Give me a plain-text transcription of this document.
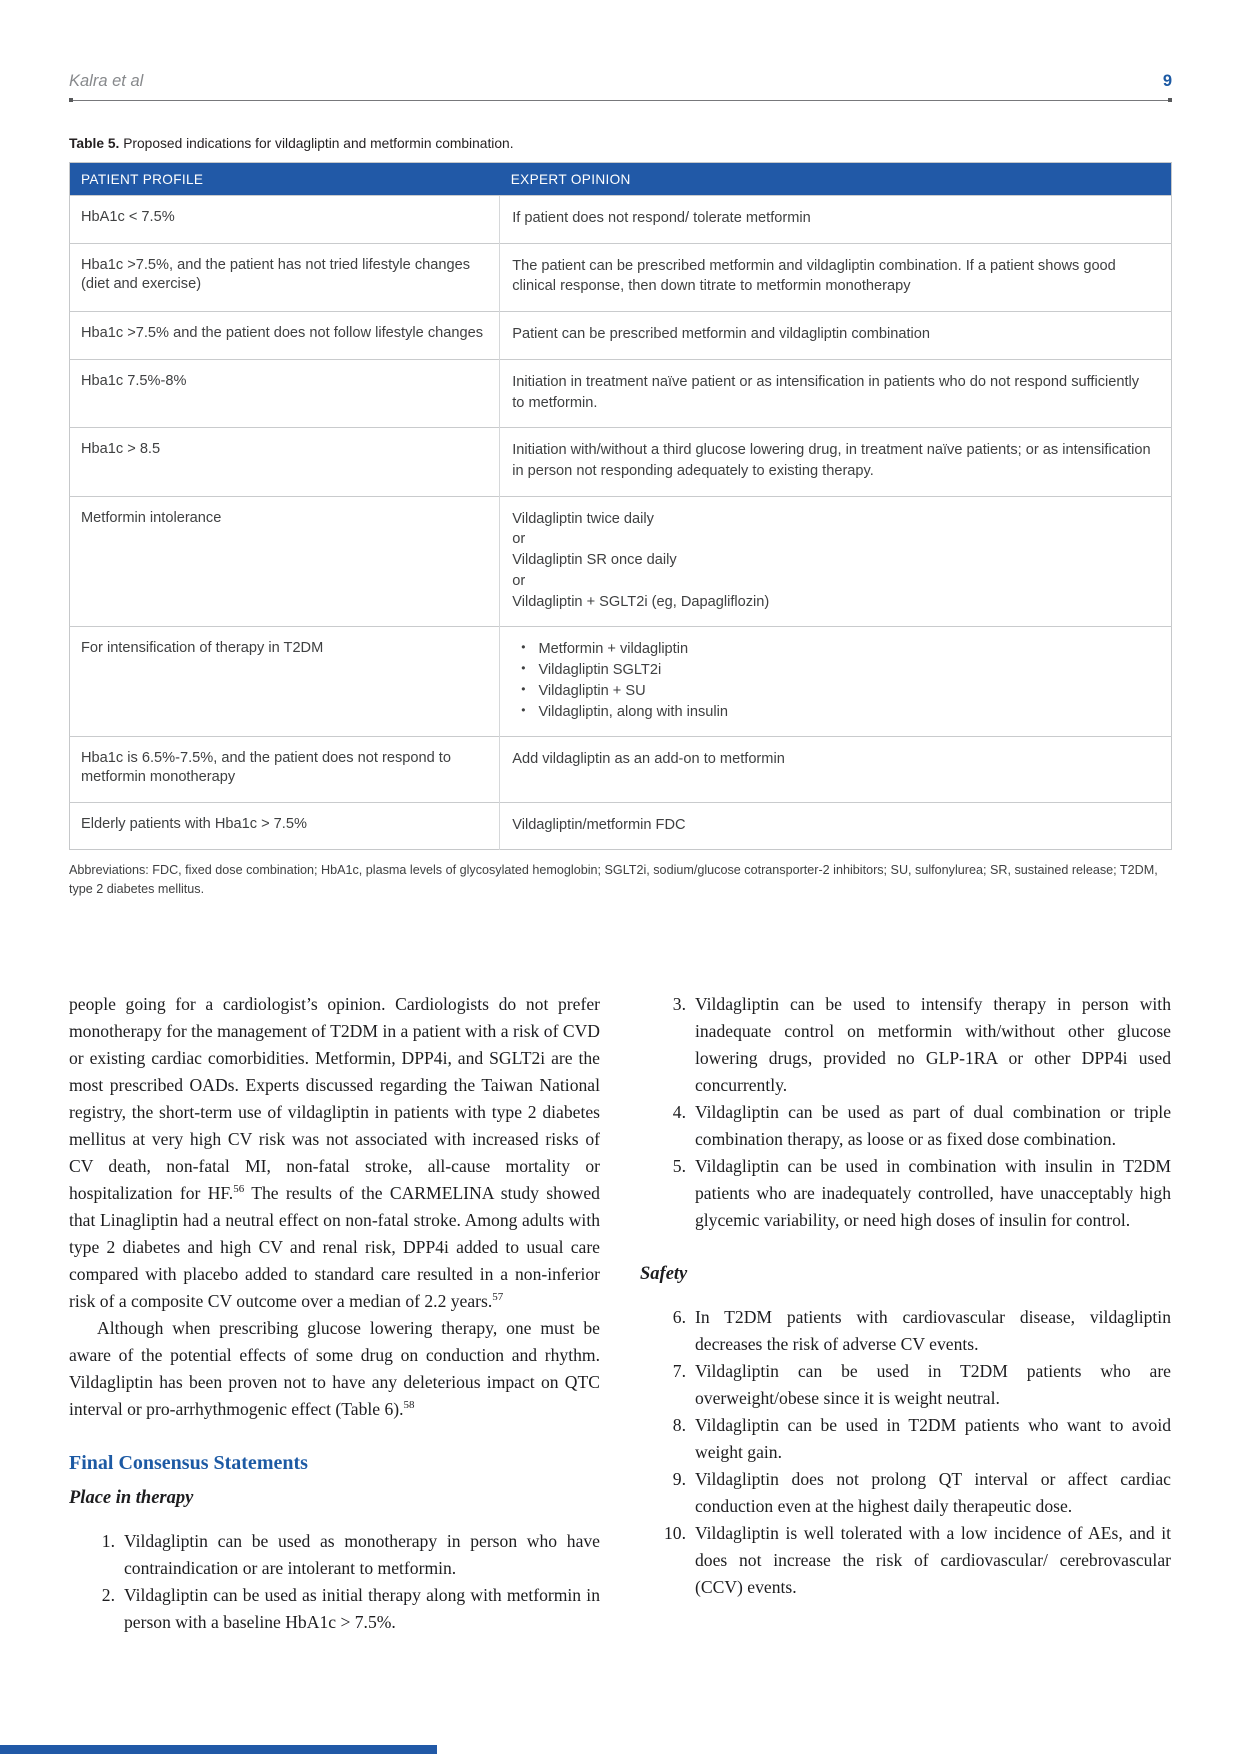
Kalra et al	9

Table 5. Proposed indications for vildagliptin and metformin combination.

PATIENT PROFILE	EXPERT OPINION
HbA1c < 7.5%	If patient does not respond/ tolerate metformin

Hba1c >7.5%, and the patient has not tried lifestyle changes (diet and exercise)	The patient can be prescribed metformin and vildagliptin combination. If a patient shows good clinical response, then down titrate to metformin monotherapy

Hba1c >7.5% and the patient does not follow lifestyle changes	Patient can be prescribed metformin and vildagliptin combination

Hba1c 7.5%-8%	Initiation in treatment naïve patient or as intensification in patients who do not respond sufficiently to metformin.

Hba1c > 8.5	Initiation with/without a third glucose lowering drug, in treatment naïve patients; or as intensification in person not responding adequately to existing therapy.

Metformin intolerance	Vildagliptin twice daily
or
Vildagliptin SR once daily
or
Vildagliptin + SGLT2i (eg, Dapagliflozin)

For intensification of therapy in T2DM	• Metformin + vildagliptin
• Vildagliptin SGLT2i
• Vildagliptin + SU
• Vildagliptin, along with insulin

Hba1c is 6.5%-7.5%, and the patient does not respond to metformin monotherapy	Add vildagliptin as an add-on to metformin

Elderly patients with Hba1c > 7.5%	Vildagliptin/metformin FDC

Abbreviations: FDC, fixed dose combination; HbA1c, plasma levels of glycosylated hemoglobin; SGLT2i, sodium/glucose cotransporter-2 inhibitors; SU, sulfonylurea; SR, sustained release; T2DM, type 2 diabetes mellitus.

people going for a cardiologist’s opinion. Cardiologists do not prefer monotherapy for the management of T2DM in a patient with a risk of CVD or existing cardiac comorbidities. Metformin, DPP4i, and SGLT2i are the most prescribed OADs. Experts discussed regarding the Taiwan National registry, the short-term use of vildagliptin in patients with type 2 diabetes mellitus at very high CV risk was not associated with increased risks of CV death, non-fatal MI, non-fatal stroke, all-cause mortality or hospitalization for HF.$^{56}$ The results of the CARMELINA study showed that Linagliptin had a neutral effect on non-fatal stroke. Among adults with type 2 diabetes and high CV and renal risk, DPP4i added to usual care compared with placebo added to standard care resulted in a non-inferior risk of a composite CV outcome over a median of 2.2 years.$^{57}$

Although when prescribing glucose lowering therapy, one must be aware of the potential effects of some drug on conduction and rhythm. Vildagliptin has been proven not to have any deleterious impact on QTC interval or pro-arrhythmogenic effect (Table 6).$^{58}$

Final Consensus Statements
Place in therapy
1. Vildagliptin can be used as monotherapy in person who have contraindication or are intolerant to metformin.
2. Vildagliptin can be used as initial therapy along with metformin in person with a baseline HbA1c > 7.5%.
3. Vildagliptin can be used to intensify therapy in person with inadequate control on metformin with/without other glucose lowering drugs, provided no GLP-1RA or other DPP4i used concurrently.
4. Vildagliptin can be used as part of dual combination or triple combination therapy, as loose or as fixed dose combination.
5. Vildagliptin can be used in combination with insulin in T2DM patients who are inadequately controlled, have unacceptably high glycemic variability, or need high doses of insulin for control.
Safety
6. In T2DM patients with cardiovascular disease, vildagliptin decreases the risk of adverse CV events.
7. Vildagliptin can be used in T2DM patients who are overweight/obese since it is weight neutral.
8. Vildagliptin can be used in T2DM patients who want to avoid weight gain.
9. Vildagliptin does not prolong QT interval or affect cardiac conduction even at the highest daily therapeutic dose.
10. Vildagliptin is well tolerated with a low incidence of AEs, and it does not increase the risk of cardiovascular/ cerebrovascular (CCV) events.
